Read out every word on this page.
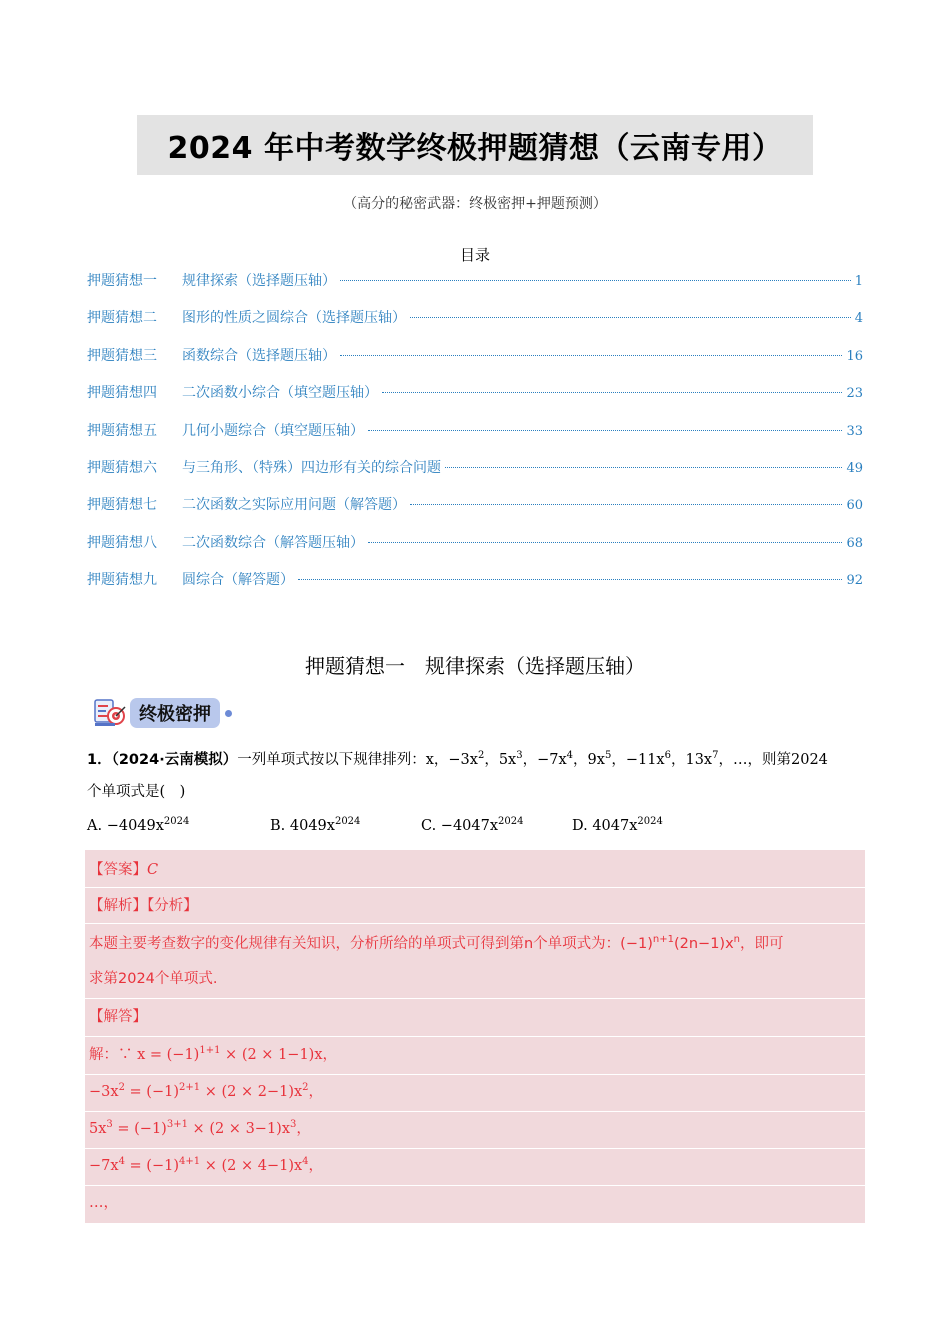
2024 年中考数学终极押题猜想（云南专用）
（高分的秘密武器：终极密押+押题预测）
目录
押题猜想一	规律探索（选择题压轴）	1
押题猜想二	图形的性质之圆综合（选择题压轴）	4
押题猜想三	函数综合（选择题压轴）	16
押题猜想四	二次函数小综合（填空题压轴）	23
押题猜想五	几何小题综合（填空题压轴）	33
押题猜想六	与三角形、（特殊）四边形有关的综合问题	49
押题猜想七	二次函数之实际应用问题（解答题）	60
押题猜想八	二次函数综合（解答题压轴）	68
押题猜想九	圆综合（解答题）	92
押题猜想一　规律探索（选择题压轴）
终极密押
1．（2024·云南模拟）一列单项式按以下规律排列：x，$-3x^2$，$5x^3$，$-7x^4$，$9x^5$，$-11x^6$，$13x^7$，…，则第2024
个单项式是(　)
A. $-4049x^{2024}$	B. $4049x^{2024}$	C. $-4047x^{2024}$	D. $4047x^{2024}$
【答案】C
【解析】【分析】
本题主要考查数字的变化规律有关知识，分析所给的单项式可得到第n个单项式为：$(-1)^{n+1}(2n-1)x^n$，即可
求第2024个单项式.
【解答】
解：∵ $x = (-1)^{1+1} \times (2 \times 1-1)x$，
$-3x^2 = (-1)^{2+1} \times (2 \times 2-1)x^2$，
$5x^3 = (-1)^{3+1} \times (2 \times 3-1)x^3$，
$-7x^4 = (-1)^{4+1} \times (2 \times 4-1)x^4$，
…，
